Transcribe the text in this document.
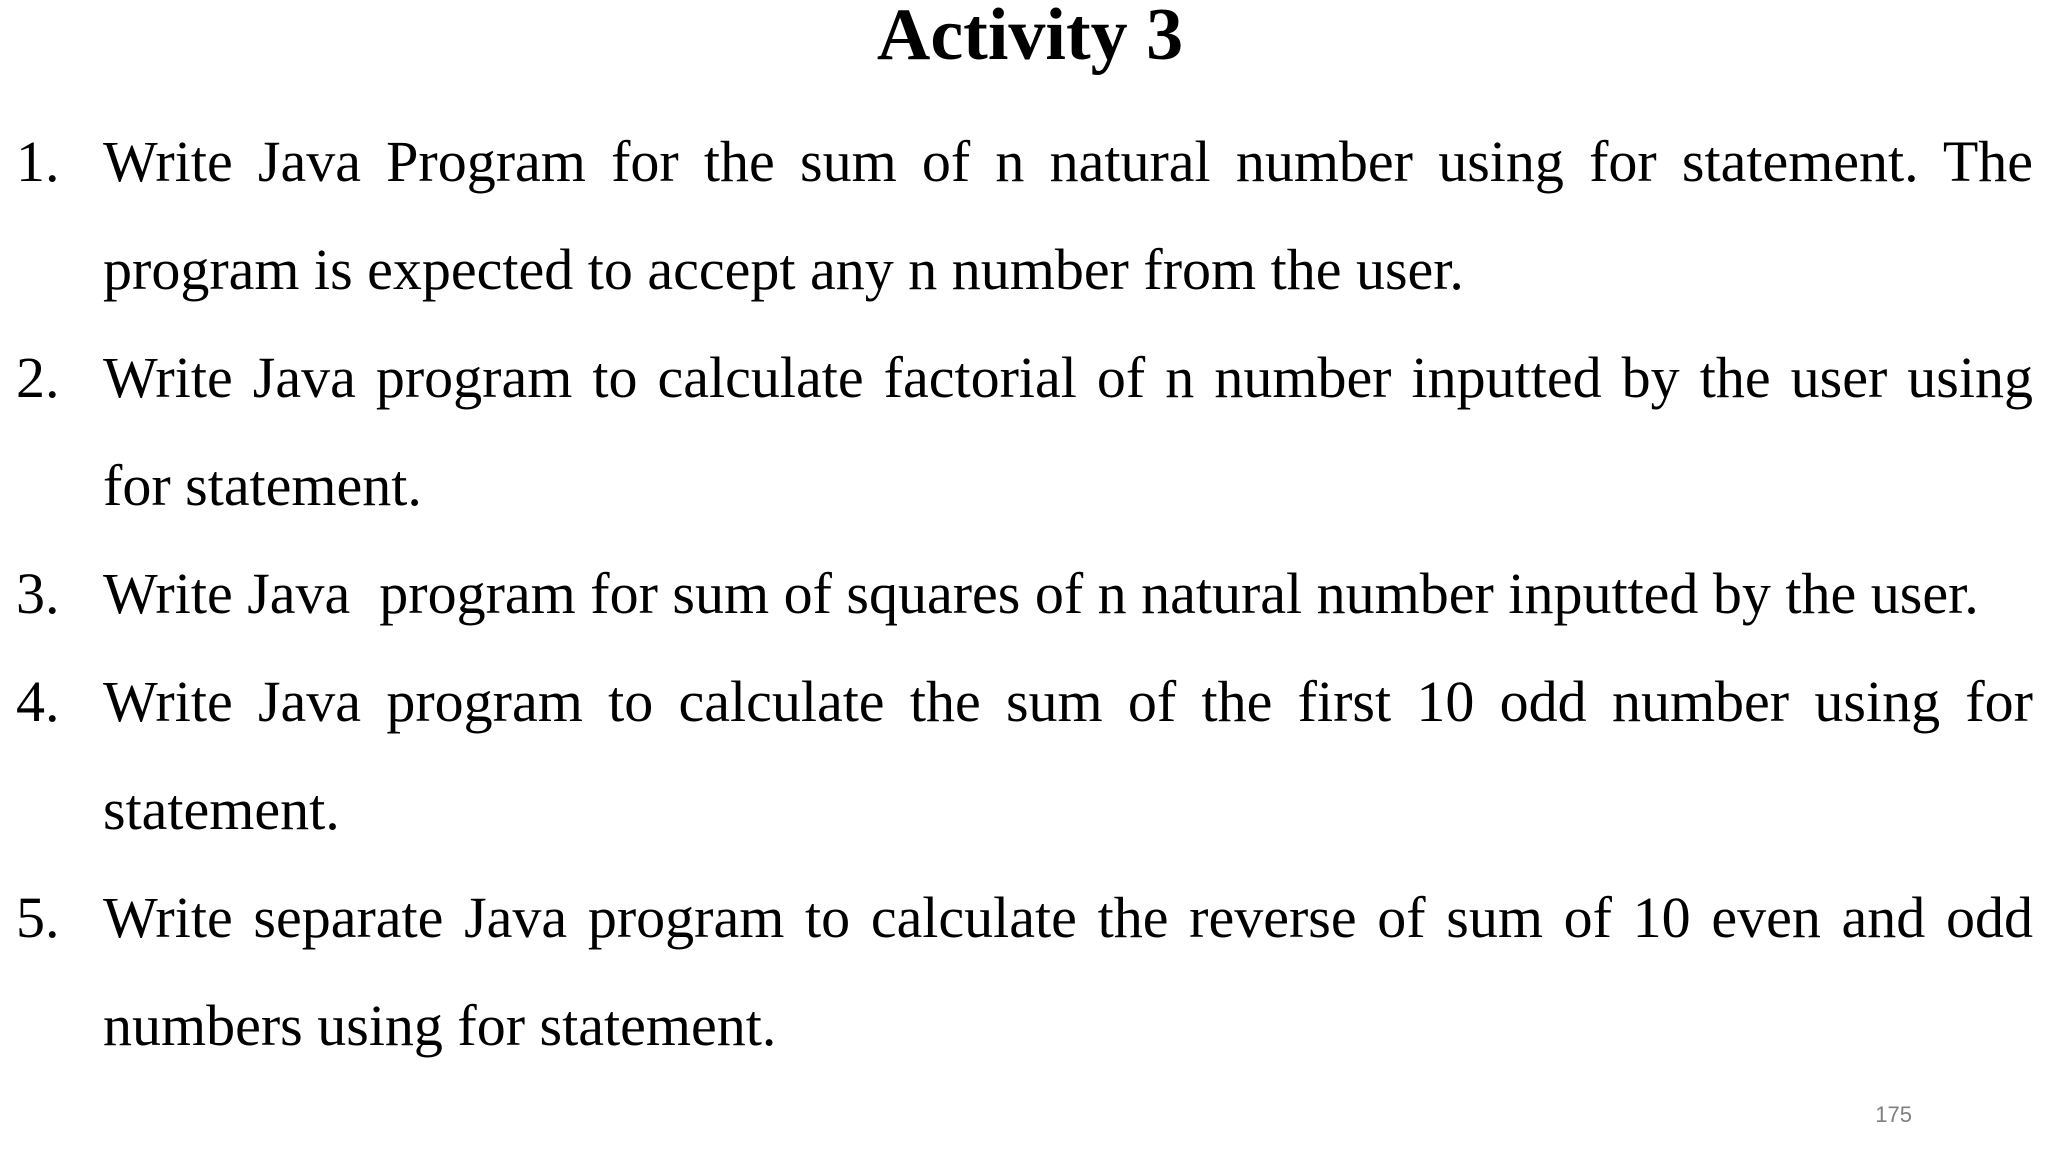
Activity 3
1. Write Java Program for the sum of n natural number using for statement. The program is expected to accept any n number from the user.
2. Write Java program to calculate factorial of n number inputted by the user using for statement.
3. Write Java  program for sum of squares of n natural number inputted by the user.
4. Write Java program to calculate the sum of the first 10 odd number using for statement.
5. Write separate Java program to calculate the reverse of sum of 10 even and odd numbers using for statement.
175
